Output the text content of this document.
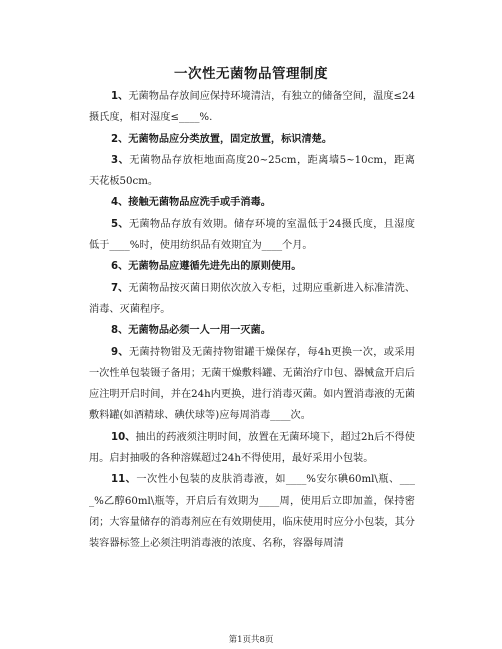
一次性无菌物品管理制度

1、无菌物品存放间应保持环境清洁，有独立的储备空间，温度≤24摄氏度，相对湿度≤____%.

2、无菌物品应分类放置，固定放置，标识清楚。

3、无菌物品存放柜地面高度20~25cm，距离墙5~10cm，距离天花板50cm。

4、接触无菌物品应洗手或手消毒。

5、无菌物品存放有效期。储存环境的室温低于24摄氏度，且湿度低于____%时，使用纺织品有效期宜为____个月。

6、无菌物品应遵循先进先出的原则使用。

7、无菌物品按灭菌日期依次放入专柜，过期应重新进入标准清洗、消毒、灭菌程序。

8、无菌物品必须一人一用一灭菌。

9、无菌持物钳及无菌持物钳罐干燥保存，每4h更换一次，或采用一次性单包装镊子备用；无菌干燥敷料罐、无菌治疗巾包、器械盒开启后应注明开启时间，并在24h内更换，进行消毒灭菌。如内置消毒液的无菌敷料罐(如酒精球、碘伏球等)应每周消毒____次。

10、抽出的药液须注明时间，放置在无菌环境下，超过2h后不得使用。启封抽吸的各种溶媒超过24h不得使用，最好采用小包装。

11、一次性小包装的皮肤消毒液，如____%安尔碘60ml\瓶、____%乙醇60ml\瓶等，开启后有效期为____周，使用后立即加盖，保持密闭；大容量储存的消毒剂应在有效期使用，临床使用时应分小包装，其分装容器标签上必须注明消毒液的浓度、名称，容器每周清

第1页共8页
